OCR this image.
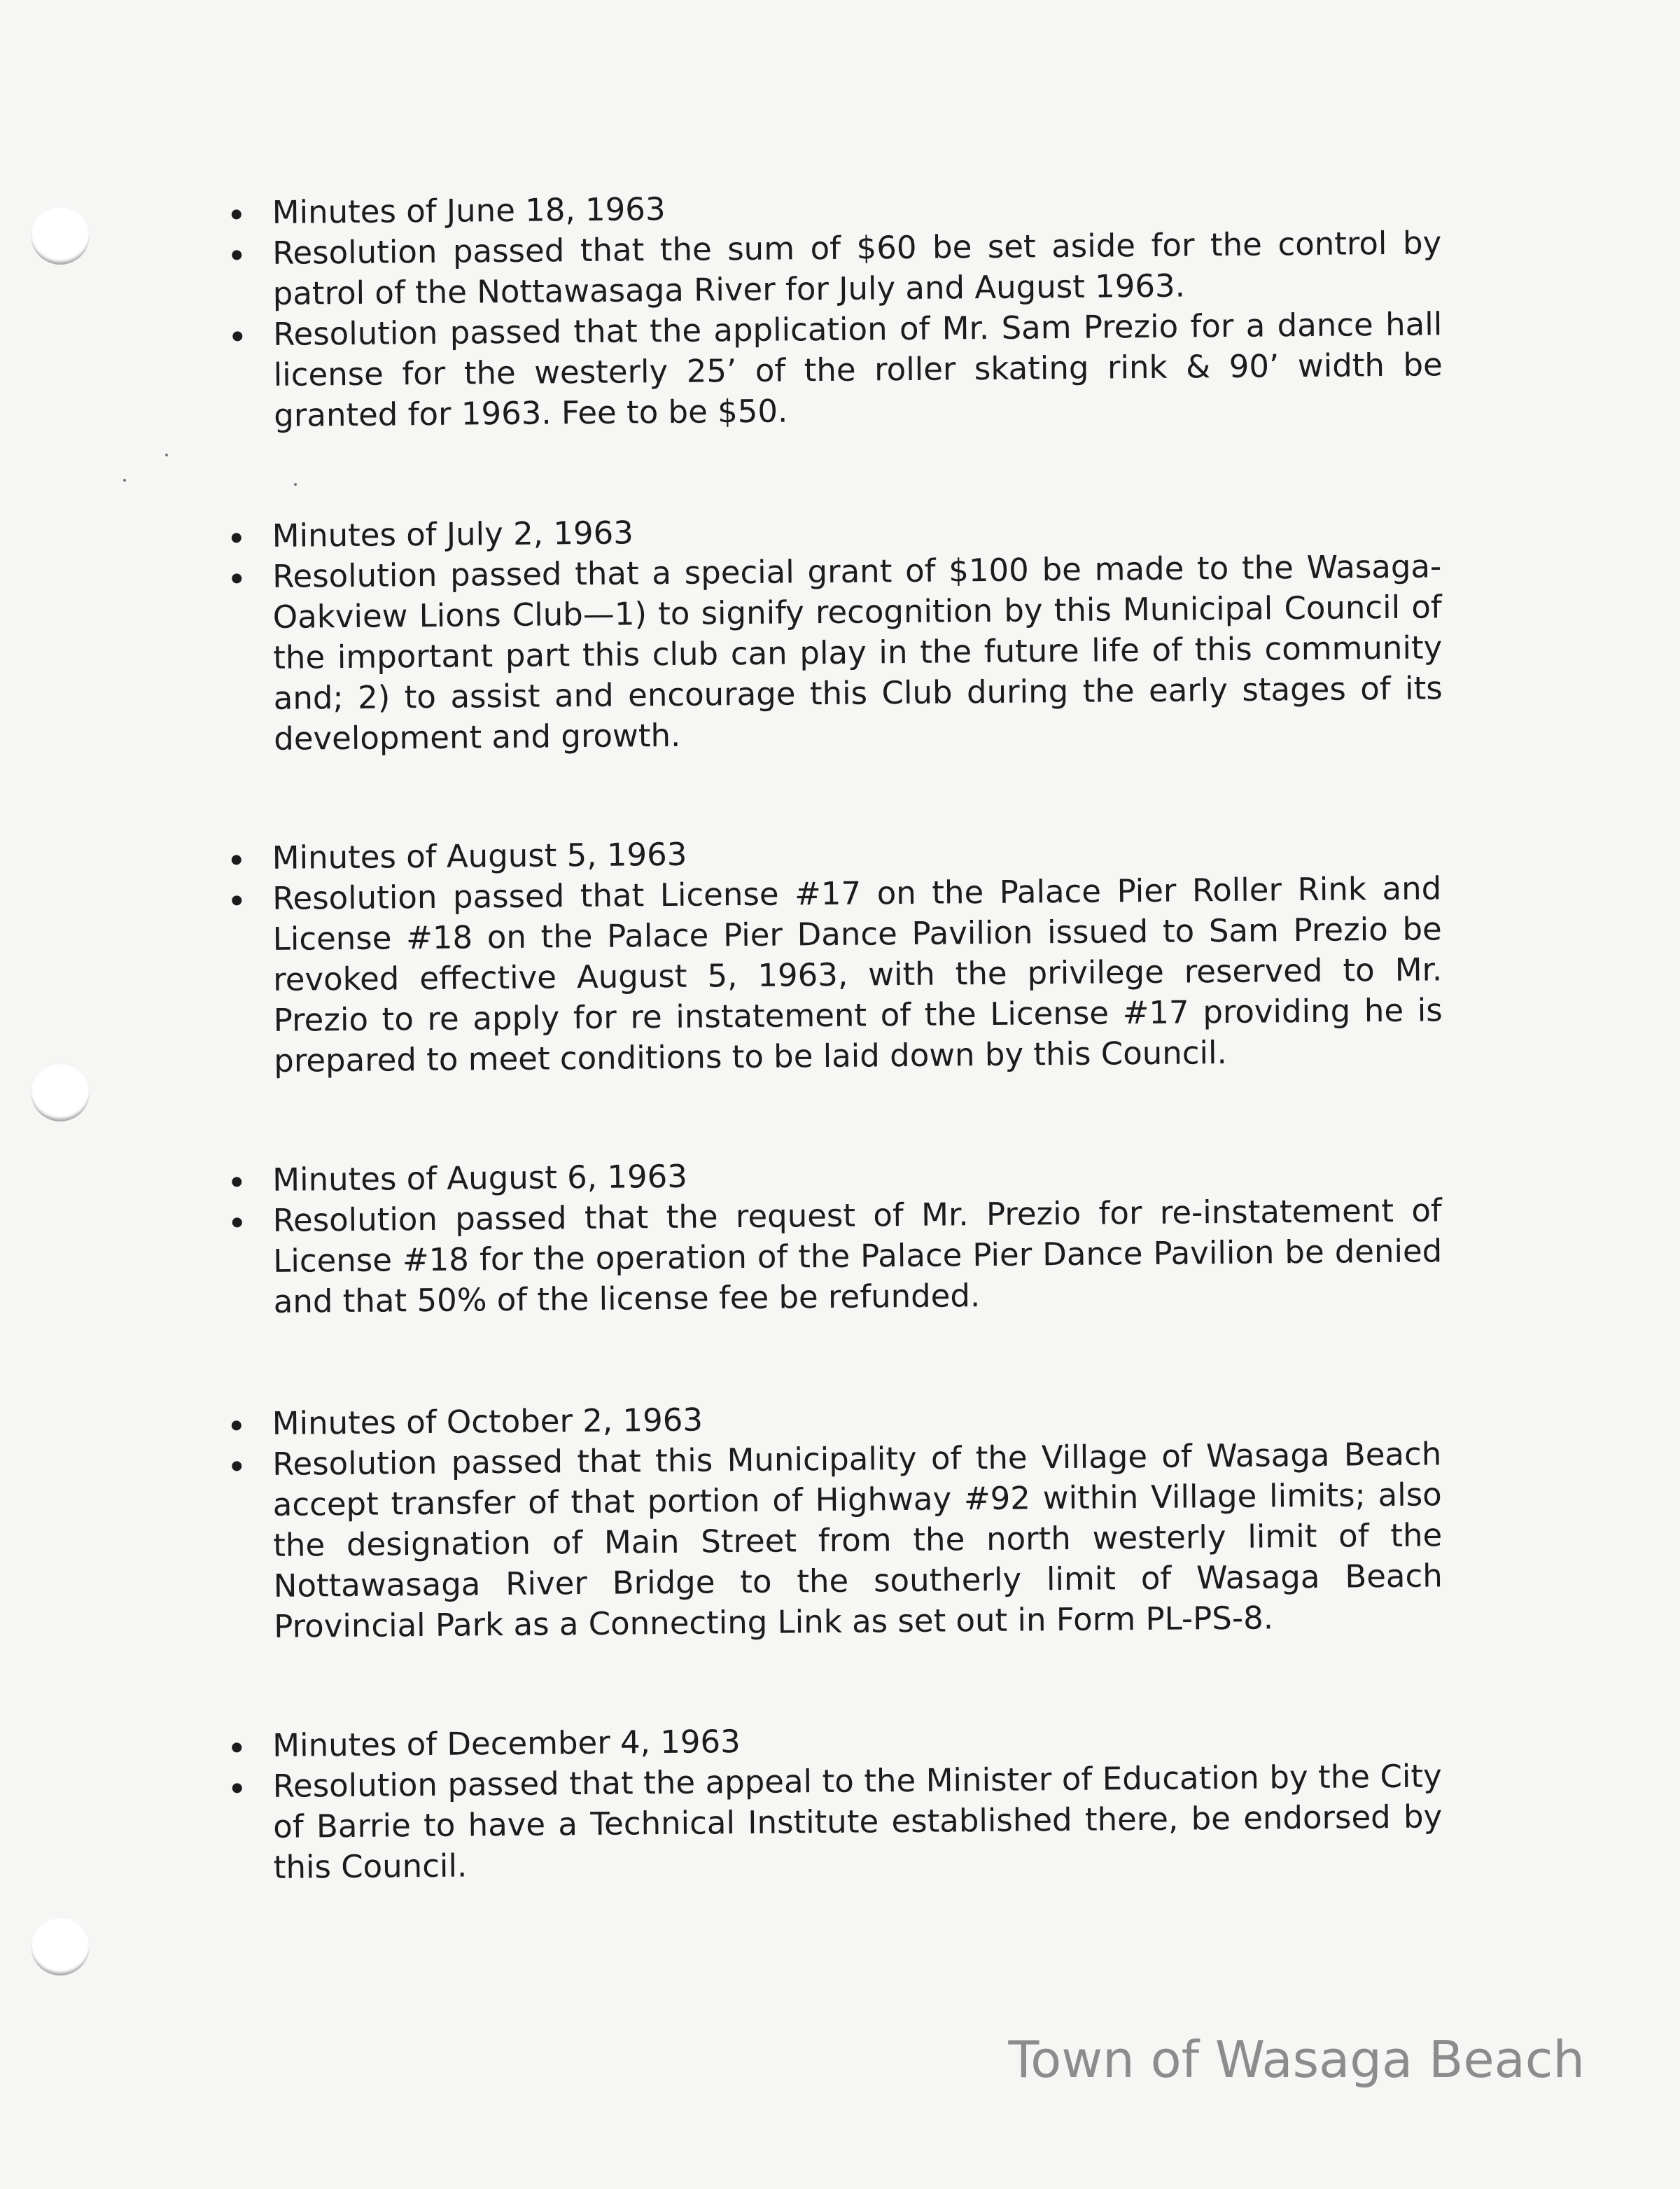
Minutes of June 18, 1963
Resolution passed that the sum of $60 be set aside for the control by patrol of the Nottawasaga River for July and August 1963.
Resolution passed that the application of Mr. Sam Prezio for a dance hall license for the westerly 25’ of the roller skating rink & 90’ width be granted for 1963. Fee to be $50.
Minutes of July 2, 1963
Resolution passed that a special grant of $100 be made to the Wasaga-Oakview Lions Club—1) to signify recognition by this Municipal Council of the important part this club can play in the future life of this community and; 2) to assist and encourage this Club during the early stages of its development and growth.
Minutes of August 5, 1963
Resolution passed that License #17 on the Palace Pier Roller Rink and License #18 on the Palace Pier Dance Pavilion issued to Sam Prezio be revoked effective August 5, 1963, with the privilege reserved to Mr. Prezio to re apply for re instatement of the License #17 providing he is prepared to meet conditions to be laid down by this Council.
Minutes of August 6, 1963
Resolution passed that the request of Mr. Prezio for re-instatement of License #18 for the operation of the Palace Pier Dance Pavilion be denied and that 50% of the license fee be refunded.
Minutes of October 2, 1963
Resolution passed that this Municipality of the Village of Wasaga Beach accept transfer of that portion of Highway #92 within Village limits; also the designation of Main Street from the north westerly limit of the Nottawasaga River Bridge to the southerly limit of Wasaga Beach Provincial Park as a Connecting Link as set out in Form PL-PS-8.
Minutes of December 4, 1963
Resolution passed that the appeal to the Minister of Education by the City of Barrie to have a Technical Institute established there, be endorsed by this Council.
Town of Wasaga Beach
